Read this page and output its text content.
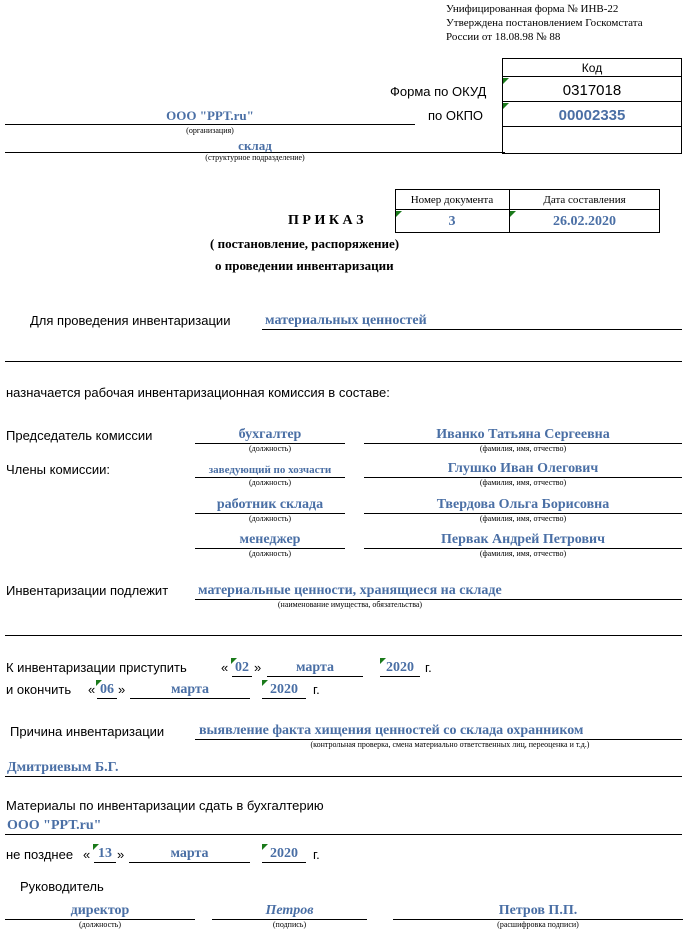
Унифицированная форма № ИНВ-22
Утверждена постановлением Госкомстата
России от 18.08.98 № 88
Код
Форма по ОКУД	0317018
по ОКПО	00002335
ООО "РРТ.ru"
(организация)
склад
(структурное подразделение)
Номер документа	Дата составления
3	26.02.2020
П Р И К А З
( постановление, распоряжение)
о проведении инвентаризации
Для проведения инвентаризации материальных ценностей
назначается рабочая инвентаризационная комиссия в составе:
Председатель комиссии	бухгалтер
(должность)
Иванко Татьяна Сергеевна
(фамилия, имя, отчество)
Члены комиссии:	заведующий по хозчасти
(должность)
Глушко Иван Олегович
(фамилия, имя, отчество)
работник склада
(должность)
Твердова Ольга Борисовна
(фамилия, имя, отчество)
менеджер
(должность)
Первак Андрей Петрович
(фамилия, имя, отчество)
Инвентаризации подлежит материальные ценности, хранящиеся на складе
(наименование имущества, обязательства)
К инвентаризации приступить	« 02 »	марта	2020 г.
и окончить « 06 »	марта	2020	г.
Причина инвентаризации выявление факта хищения ценностей со склада охранником
(контрольная проверка, смена материально ответственных лиц, переоценка и т.д.)
Дмитриевым Б.Г.
Материалы по инвентаризации сдать в бухгалтерию
ООО "РРТ.ru"
не позднее « 13 »	марта	2020	г.
Руководитель
директор
(должность)
Петров
(подпись)
Петров П.П.
(расшифровка подписи)
